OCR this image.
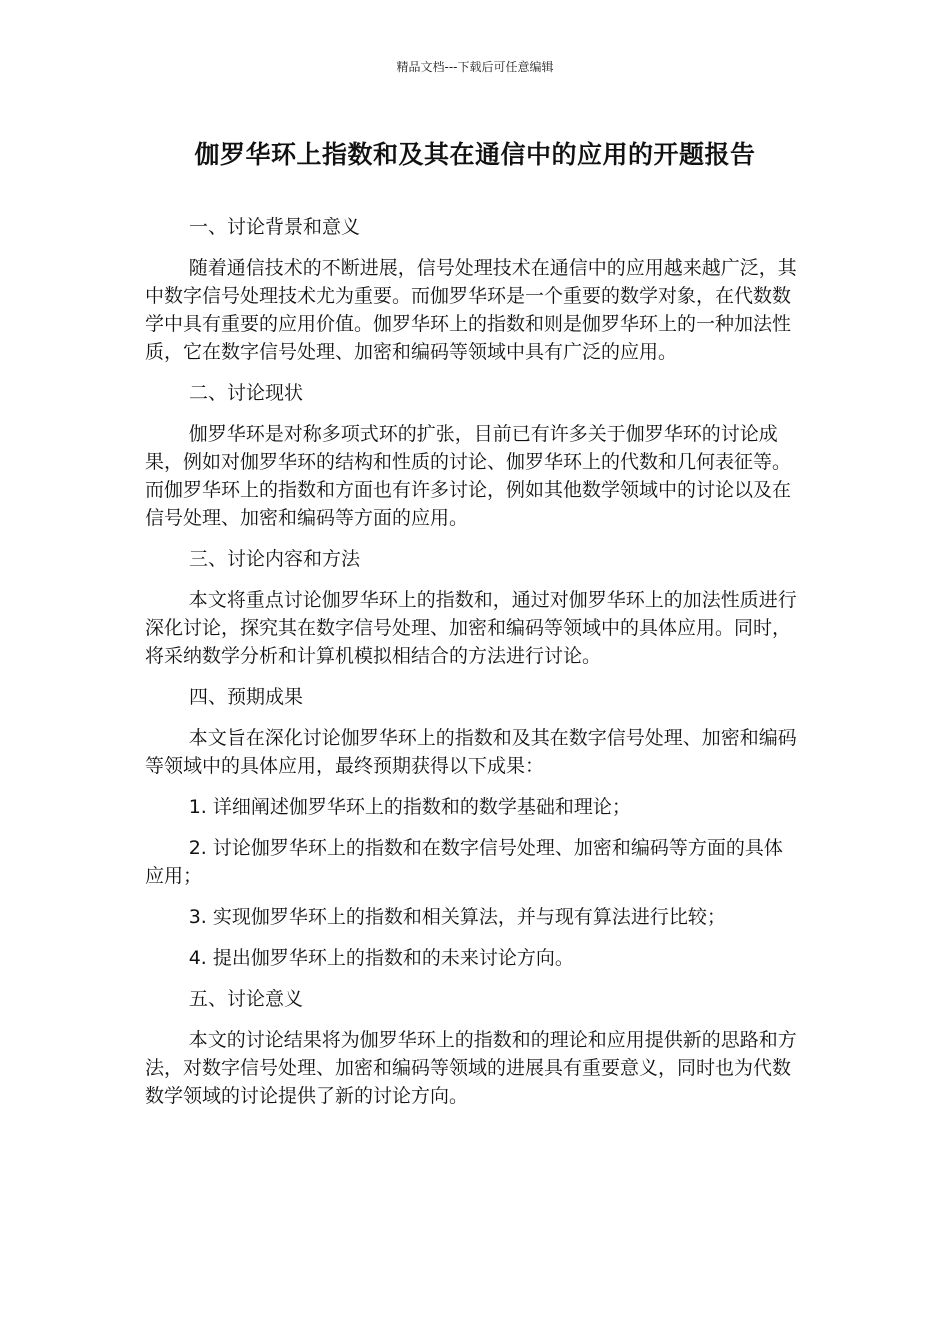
精品文档---下载后可任意编辑
伽罗华环上指数和及其在通信中的应用的开题报告
一、讨论背景和意义

随着通信技术的不断进展，信号处理技术在通信中的应用越来越广泛，其中数字信号处理技术尤为重要。而伽罗华环是一个重要的数学对象，在代数数学中具有重要的应用价值。伽罗华环上的指数和则是伽罗华环上的一种加法性质，它在数字信号处理、加密和编码等领域中具有广泛的应用。

二、讨论现状

伽罗华环是对称多项式环的扩张，目前已有许多关于伽罗华环的讨论成果，例如对伽罗华环的结构和性质的讨论、伽罗华环上的代数和几何表征等。而伽罗华环上的指数和方面也有许多讨论，例如其他数学领域中的讨论以及在信号处理、加密和编码等方面的应用。

三、讨论内容和方法

本文将重点讨论伽罗华环上的指数和，通过对伽罗华环上的加法性质进行深化讨论，探究其在数字信号处理、加密和编码等领域中的具体应用。同时，将采纳数学分析和计算机模拟相结合的方法进行讨论。

四、预期成果

本文旨在深化讨论伽罗华环上的指数和及其在数字信号处理、加密和编码等领域中的具体应用，最终预期获得以下成果：

1. 详细阐述伽罗华环上的指数和的数学基础和理论；

2. 讨论伽罗华环上的指数和在数字信号处理、加密和编码等方面的具体应用；

3. 实现伽罗华环上的指数和相关算法，并与现有算法进行比较；

4. 提出伽罗华环上的指数和的未来讨论方向。

五、讨论意义

本文的讨论结果将为伽罗华环上的指数和的理论和应用提供新的思路和方法，对数字信号处理、加密和编码等领域的进展具有重要意义，同时也为代数数学领域的讨论提供了新的讨论方向。
